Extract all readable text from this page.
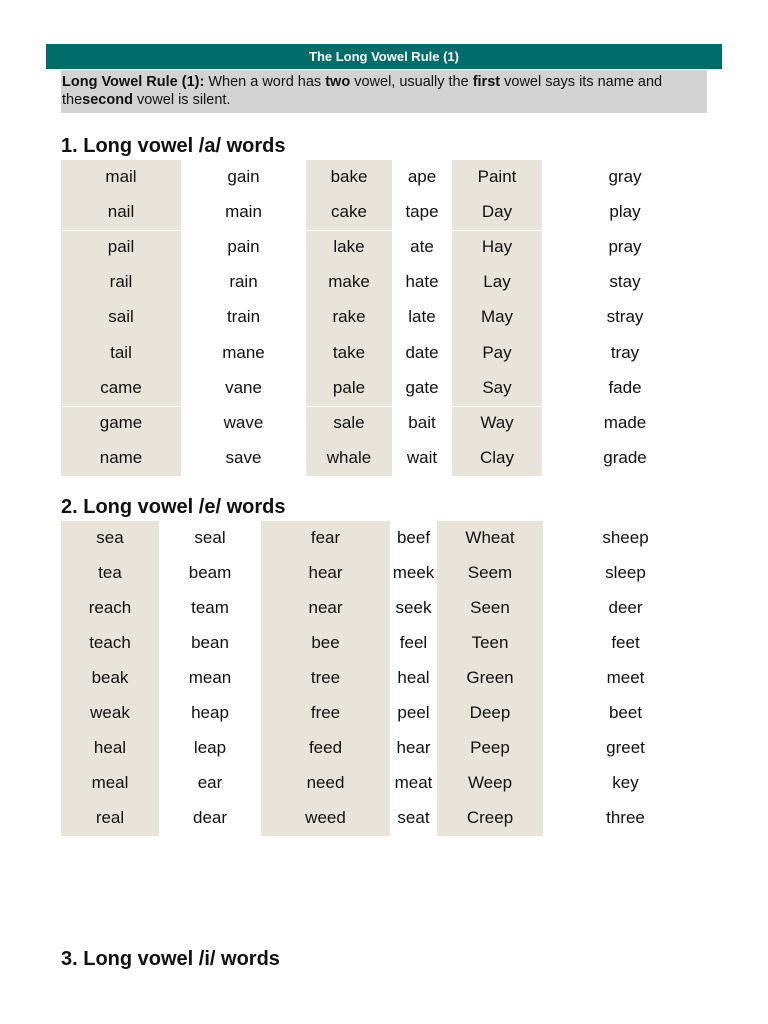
The Long Vowel Rule (1)
Long Vowel Rule (1): When a word has two vowel, usually the first vowel says its name and thesecond vowel is silent.
1. Long vowel /a/ words
2. Long vowel /e/ words
3. Long vowel /i/ words
mail
nail
pail
rail
sail
tail
came
game
name
gain
main
pain
rain
train
mane
vane
wave
save
bake
cake
lake
make
rake
take
pale
sale
whale
ape
tape
ate
hate
late
date
gate
bait
wait
Paint
Day
Hay
Lay
May
Pay
Say
Way
Clay
gray
play
pray
stay
stray
tray
fade
made
grade
sea
tea
reach
teach
beak
weak
heal
meal
real
seal
beam
team
bean
mean
heap
leap
ear
dear
fear
hear
near
bee
tree
free
feed
need
weed
beef
meek
seek
feel
heal
peel
hear
meat
seat
Wheat
Seem
Seen
Teen
Green
Deep
Peep
Weep
Creep
sheep
sleep
deer
feet
meet
beet
greet
key
three
